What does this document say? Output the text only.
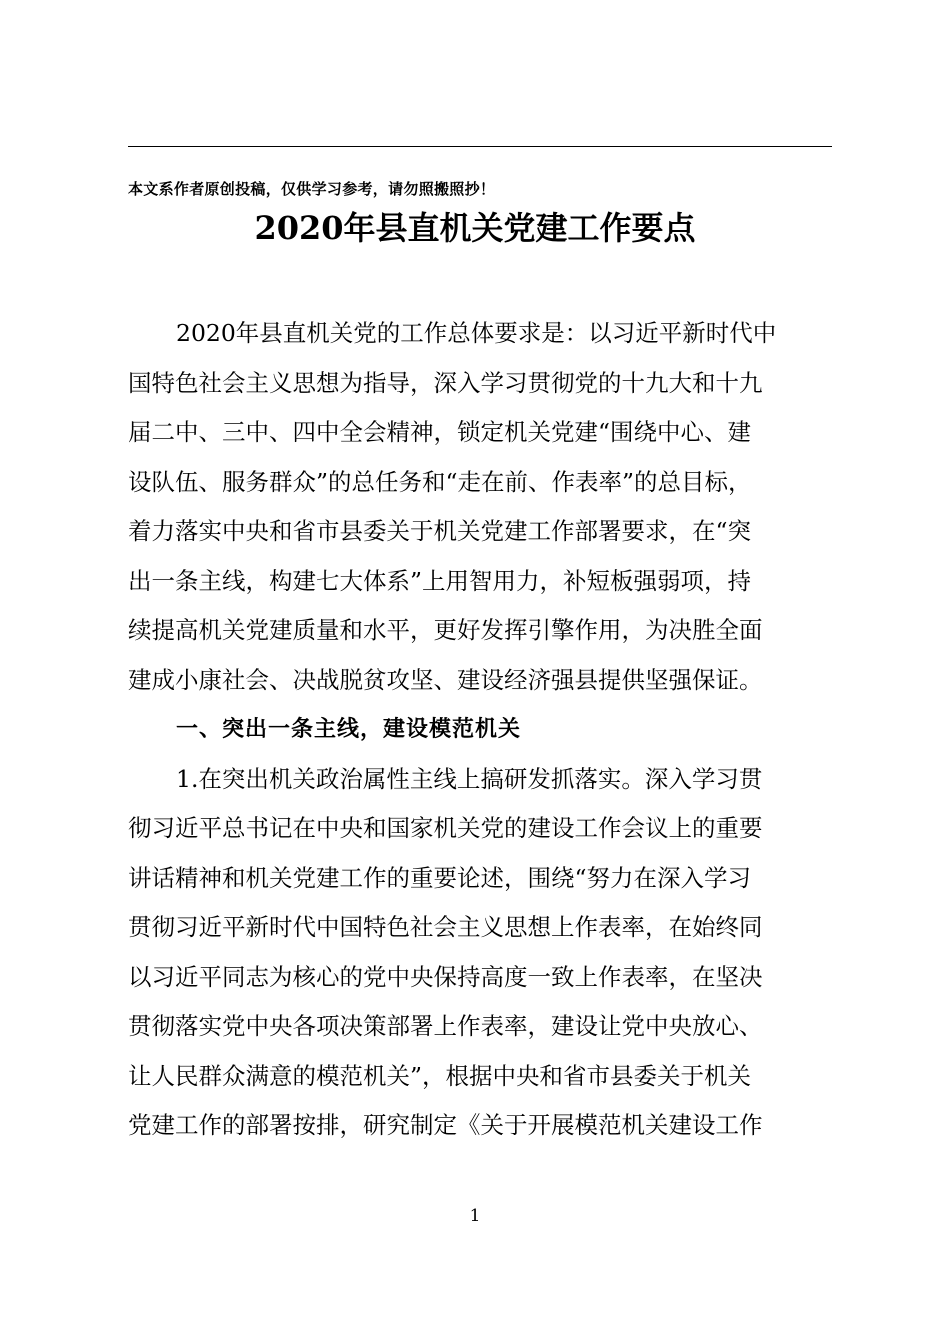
本文系作者原创投稿，仅供学习参考，请勿照搬照抄！
2020年县直机关党建工作要点
2020年县直机关党的工作总体要求是：以习近平新时代中
国特色社会主义思想为指导，深入学习贯彻党的十九大和十九
届二中、三中、四中全会精神，锁定机关党建“围绕中心、建
设队伍、服务群众”的总任务和“走在前、作表率”的总目标，
着力落实中央和省市县委关于机关党建工作部署要求，在“突
出一条主线，构建七大体系”上用智用力，补短板强弱项，持
续提高机关党建质量和水平，更好发挥引擎作用，为决胜全面
建成小康社会、决战脱贫攻坚、建设经济强县提供坚强保证。
一、突出一条主线，建设模范机关
1.在突出机关政治属性主线上搞研发抓落实。深入学习贯
彻习近平总书记在中央和国家机关党的建设工作会议上的重要
讲话精神和机关党建工作的重要论述，围绕“努力在深入学习
贯彻习近平新时代中国特色社会主义思想上作表率，在始终同
以习近平同志为核心的党中央保持高度一致上作表率，在坚决
贯彻落实党中央各项决策部署上作表率，建设让党中央放心、
让人民群众满意的模范机关”，根据中央和省市县委关于机关
党建工作的部署按排，研究制定《关于开展模范机关建设工作
1
